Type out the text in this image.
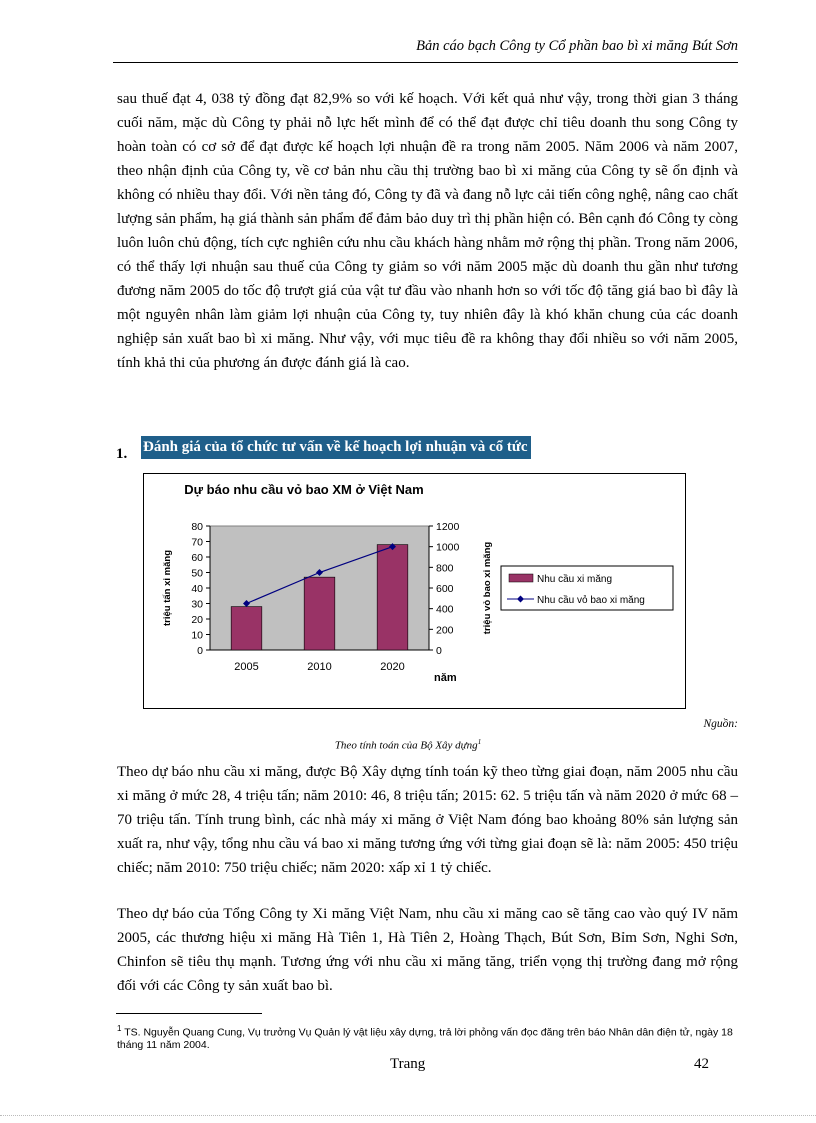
Bản cáo bạch Công ty Cổ phần bao bì xi măng Bút Sơn

sau thuế đạt 4, 038 tỷ đồng đạt 82,9% so với kế hoạch. Với kết quả như vậy, trong thời gian 3 tháng cuối năm, mặc dù Công ty phải nỗ lực hết mình để có thể đạt được chỉ tiêu doanh thu song Công ty hoàn toàn có cơ sở để đạt được kế hoạch lợi nhuận đề ra trong năm 2005. Năm 2006 và năm 2007, theo nhận định của Công ty, về cơ bản nhu cầu thị trường bao bì xi măng của Công ty sẽ ổn định và không có nhiều thay đổi. Với nền tảng đó, Công ty đã và đang nỗ lực cải tiến công nghệ, nâng cao chất lượng sản phẩm, hạ giá thành sản phẩm để đảm bảo duy trì thị phần hiện có. Bên cạnh đó Công ty còng luôn luôn chủ động, tích cực nghiên cứu nhu cầu khách hàng nhằm mở rộng thị phần. Trong năm 2006, có thể thấy lợi nhuận sau thuế của Công ty giảm so với năm 2005 mặc dù doanh thu gần như tương đương năm 2005 do tốc độ trượt giá của vật tư đầu vào nhanh hơn so với tốc độ tăng giá bao bì đây là một nguyên nhân làm giảm lợi nhuận của Công ty, tuy nhiên đây là khó khăn chung của các doanh nghiệp sản xuất bao bì xi măng. Như vậy, với mục tiêu đề ra không thay đổi nhiều so với năm 2005, tính khả thi của phương án được đánh giá là cao.

1. Đánh giá của tổ chức tư vấn về kế hoạch lợi nhuận và cổ tức
Dự báo nhu cầu vỏ bao XM ở Việt Nam
0
10
20
30
40
50
60
70
80
0
200
400
600
800
1000
1200
2005	2010	2020
triệu tấn xi măng	triệu vỏ bao xi măng
năm
Nhu cầu xi măng
Nhu cầu vỏ bao xi măng
Nguồn:
Theo tính toán của Bộ Xây dựng$^1$

Theo dự báo nhu cầu xi măng, được Bộ Xây dựng tính toán kỹ theo từng giai đoạn, năm 2005 nhu cầu xi măng ở mức 28, 4 triệu tấn; năm 2010: 46, 8 triệu tấn; 2015: 62. 5 triệu tấn và năm 2020 ở mức 68 – 70 triệu tấn. Tính trung bình, các nhà máy xi măng ở Việt Nam đóng bao khoảng 80% sản lượng sản xuất ra, như vậy, tổng nhu cầu vá bao xi măng tương ứng với từng giai đoạn sẽ là: năm 2005: 450 triệu chiếc; năm 2010: 750 triệu chiếc; năm 2020: xấp xỉ 1 tỷ chiếc.

Theo dự báo của Tổng Công ty Xi măng Việt Nam, nhu cầu xi măng cao sẽ tăng cao vào quý IV năm 2005, các thương hiệu xi măng Hà Tiên 1, Hà Tiên 2, Hoàng Thạch, Bút Sơn, Bỉm Sơn, Nghi Sơn, Chinfon sẽ tiêu thụ mạnh. Tương ứng với nhu cầu xi măng tăng, triển vọng thị trường đang mở rộng đối với các Công ty sản xuất bao bì.

$^1$ TS. Nguyễn Quang Cung, Vụ trưởng Vụ Quản lý vật liệu xây dựng, trả lời phỏng vấn đọc đăng trên báo Nhân dân điện tử, ngày 18 tháng 11 năm 2004.

Trang	42
